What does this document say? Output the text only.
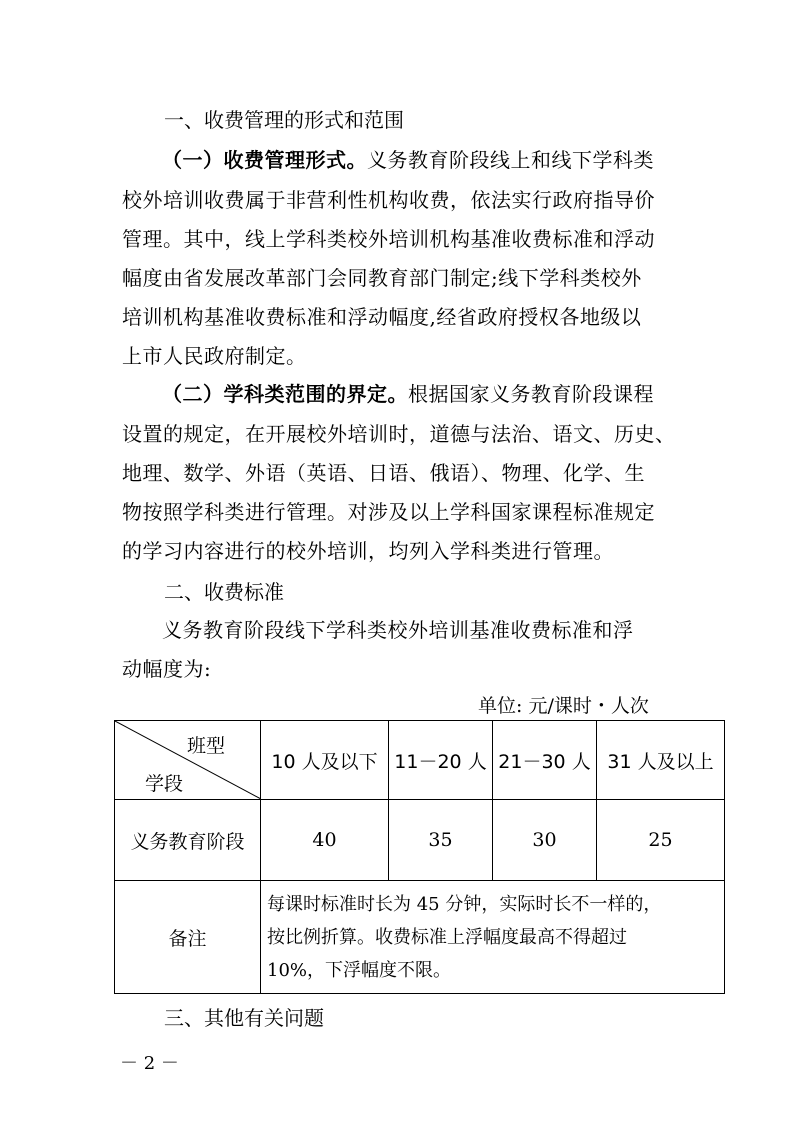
一、收费管理的形式和范围
（一）收费管理形式。义务教育阶段线上和线下学科类
校外培训收费属于非营利性机构收费，依法实行政府指导价
管理。其中，线上学科类校外培训机构基准收费标准和浮动
幅度由省发展改革部门会同教育部门制定;线下学科类校外
培训机构基准收费标准和浮动幅度,经省政府授权各地级以
上市人民政府制定。
（二）学科类范围的界定。根据国家义务教育阶段课程
设置的规定，在开展校外培训时，道德与法治、语文、历史、
地理、数学、外语（英语、日语、俄语）、物理、化学、生
物按照学科类进行管理。对涉及以上学科国家课程标准规定
的学习内容进行的校外培训，均列入学科类进行管理。
二、收费标准
义务教育阶段线下学科类校外培训基准收费标准和浮
动幅度为:
单位: 元/课时・人次
班型
学段	10 人及以下	11－20 人	21－30 人	31 人及以上
义务教育阶段	40	35	30	25
备注	每课时标准时长为 45 分钟，实际时长不一样的，
按比例折算。收费标准上浮幅度最高不得超过
10%，下浮幅度不限。			
三、其他有关问题
－ 2 －
